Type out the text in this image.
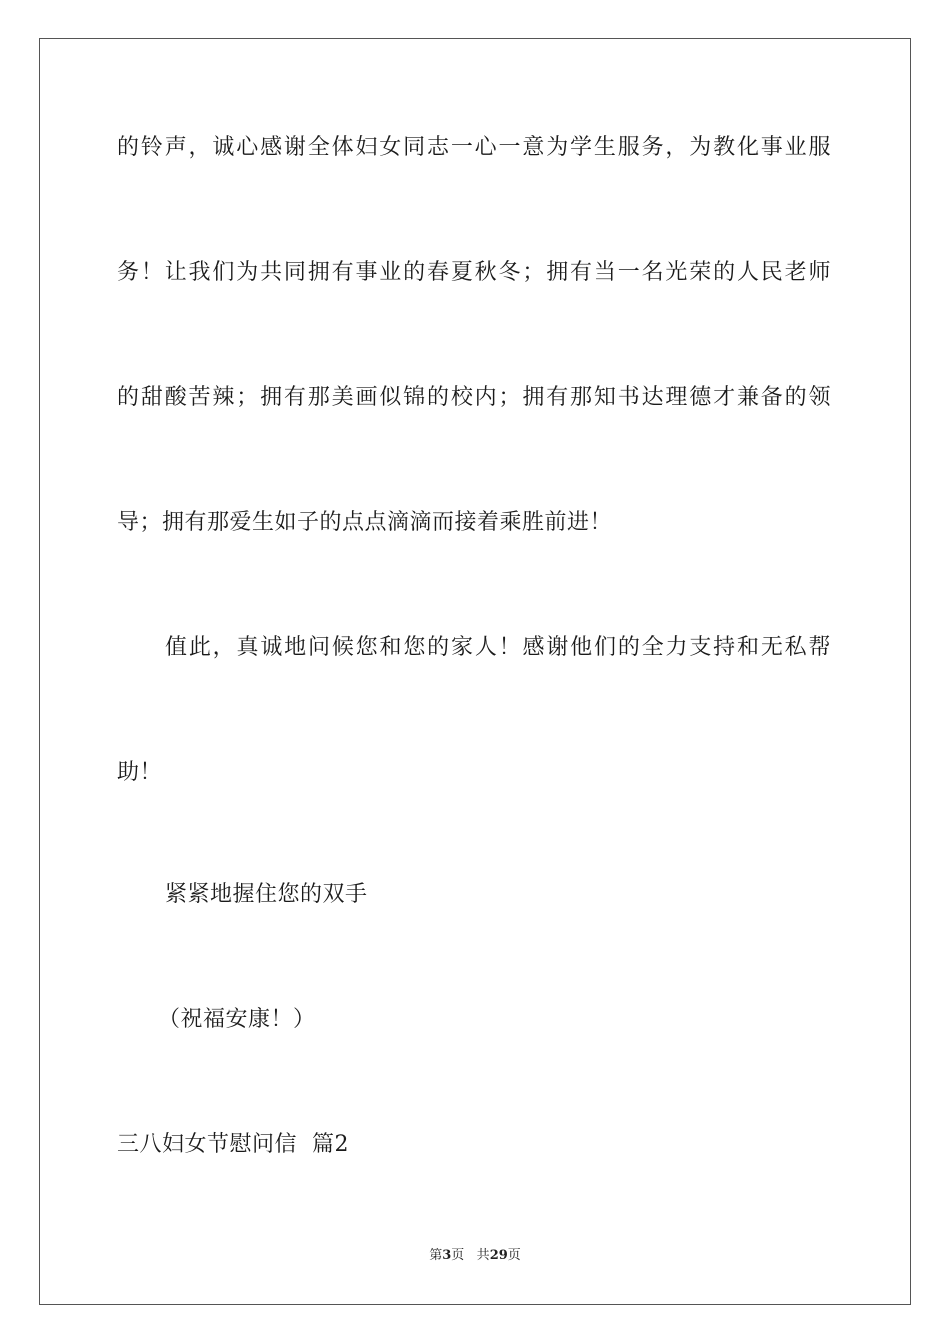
的铃声，诚心感谢全体妇女同志一心一意为学生服务，为教化事业服
务！让我们为共同拥有事业的春夏秋冬；拥有当一名光荣的人民老师
的甜酸苦辣；拥有那美画似锦的校内；拥有那知书达理德才兼备的领
导；拥有那爱生如子的点点滴滴而接着乘胜前进！
值此，真诚地问候您和您的家人！感谢他们的全力支持和无私帮
助！
紧紧地握住您的双手
（祝福安康！）
三八妇女节慰问信  篇2
第3页 共29页
